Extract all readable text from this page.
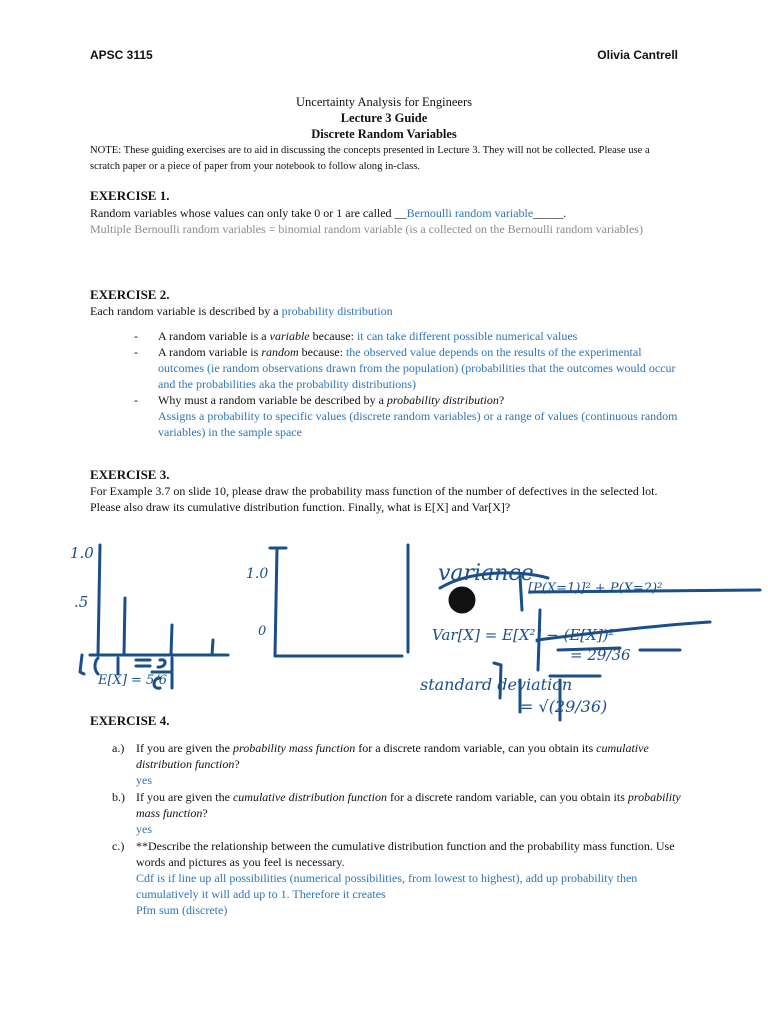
APSC 3115	Olivia Cantrell
Uncertainty Analysis for Engineers
Lecture 3 Guide
Discrete Random Variables
NOTE: These guiding exercises are to aid in discussing the concepts presented in Lecture 3. They will not be collected. Please use a scratch paper or a piece of paper from your notebook to follow along in-class.
EXERCISE 1.
Random variables whose values can only take 0 or 1 are called __Bernoulli random variable_____.
Multiple Bernoulli random variables = binomial random variable (is a collected on the Bernoulli random variables)
EXERCISE 2.
Each random variable is described by a probability distribution
- A random variable is a variable because: it can take different possible numerical values
- A random variable is random because: the observed value depends on the results of the experimental outcomes (ie random observations drawn from the population) (probabilities that the outcomes would occur and the probabilities aka the probability distributions)
- Why must a random variable be described by a probability distribution?
Assigns a probability to specific values (discrete random variables) or a range of values (continuous random variables) in the sample space
EXERCISE 3.
For Example 3.7 on slide 10, please draw the probability mass function of the number of defectives in the selected lot. Please also draw its cumulative distribution function. Finally, what is E[X] and Var[X]?
1.0
.5
E[X] = 5/6
1.0
0
variance
[P(X=1)]² + P(X=2)²
Var[X] = E[X²] − (E[X])²
= 29/36
standard deviation
= √(29/36)
EXERCISE 4.
a.) If you are given the probability mass function for a discrete random variable, can you obtain its cumulative distribution function?
yes
b.) If you are given the cumulative distribution function for a discrete random variable, can you obtain its probability mass function?
yes
c.) **Describe the relationship between the cumulative distribution function and the probability mass function. Use words and pictures as you feel is necessary.
Cdf is if line up all possibilities (numerical possibilities, from lowest to highest), add up probability then cumulatively it will add up to 1. Therefore it creates
Pfm sum (discrete)
